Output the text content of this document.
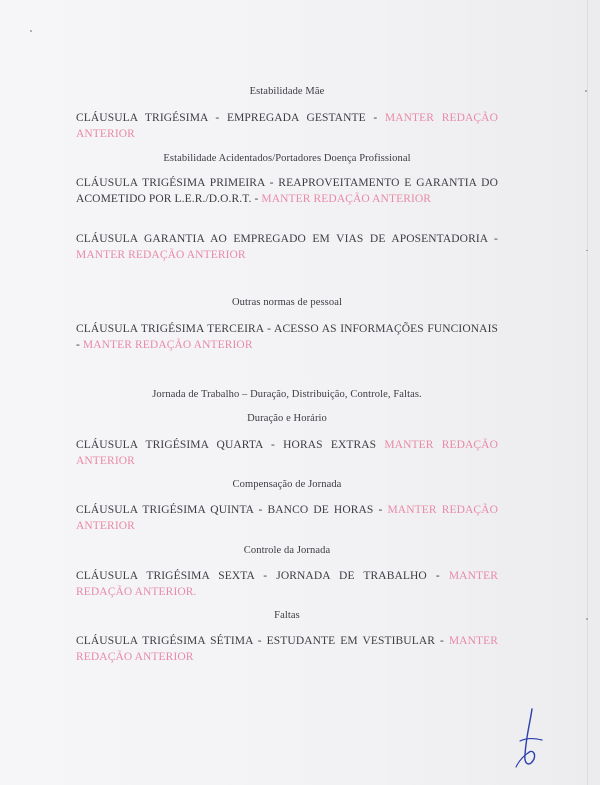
Estabilidade Mãe
CLÁUSULA TRIGÉSIMA - EMPREGADA GESTANTE - MANTER REDAÇÃO ANTERIOR
Estabilidade Acidentados/Portadores Doença Profissional
CLÁUSULA TRIGÉSIMA PRIMEIRA - REAPROVEITAMENTO E GARANTIA DO ACOMETIDO POR L.E.R./D.O.R.T. - MANTER REDAÇÃO ANTERIOR
CLÁUSULA GARANTIA AO EMPREGADO EM VIAS DE APOSENTADORIA - MANTER REDAÇÃO ANTERIOR
Outras normas de pessoal
CLÁUSULA TRIGÉSIMA TERCEIRA - ACESSO AS INFORMAÇÕES FUNCIONAIS - MANTER REDAÇÃO ANTERIOR
Jornada de Trabalho – Duração, Distribuição, Controle, Faltas.
Duração e Horário
CLÁUSULA TRIGÉSIMA QUARTA - HORAS EXTRAS MANTER REDAÇÃO ANTERIOR
Compensação de Jornada
CLÁUSULA TRIGÉSIMA QUINTA - BANCO DE HORAS - MANTER REDAÇÃO ANTERIOR
Controle da Jornada
CLÁUSULA TRIGÉSIMA SEXTA - JORNADA DE TRABALHO - MANTER REDAÇÃO ANTERIOR.
Faltas
CLÁUSULA TRIGÉSIMA SÉTIMA - ESTUDANTE EM VESTIBULAR - MANTER REDAÇÃO ANTERIOR
